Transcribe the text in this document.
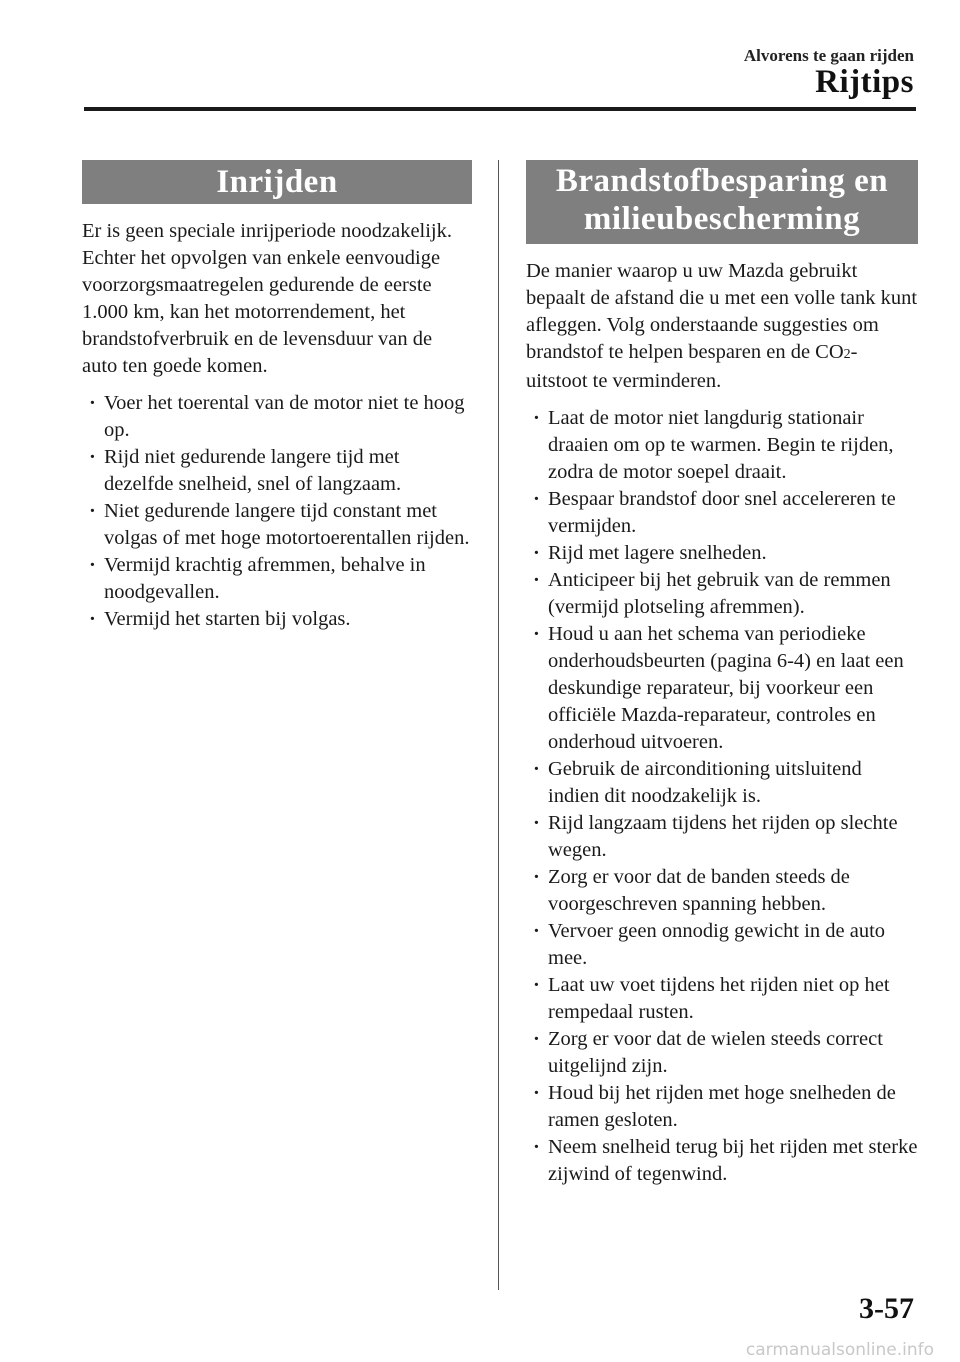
Alvorens te gaan rijden
Rijtips
Inrijden

Er is geen speciale inrijperiode noodzakelijk. Echter het opvolgen van enkele eenvoudige voorzorgsmaatregelen gedurende de eerste 1.000 km, kan het motorrendement, het brandstofverbruik en de levensduur van de auto ten goede komen.

· Voer het toerental van de motor niet te hoog op.
· Rijd niet gedurende langere tijd met dezelfde snelheid, snel of langzaam.
· Niet gedurende langere tijd constant met volgas of met hoge motortoerentallen rijden.
· Vermijd krachtig afremmen, behalve in noodgevallen.
· Vermijd het starten bij volgas.
Brandstofbesparing en
milieubescherming

De manier waarop u uw Mazda gebruikt bepaalt de afstand die u met een volle tank kunt afleggen. Volg onderstaande suggesties om brandstof te helpen besparen en de CO2-uitstoot te verminderen.

· Laat de motor niet langdurig stationair draaien om op te warmen. Begin te rijden, zodra de motor soepel draait.
· Bespaar brandstof door snel accelereren te vermijden.
· Rijd met lagere snelheden.
· Anticipeer bij het gebruik van de remmen (vermijd plotseling afremmen).
· Houd u aan het schema van periodieke onderhoudsbeurten (pagina 6-4) en laat een deskundige reparateur, bij voorkeur een officiële Mazda-reparateur, controles en onderhoud uitvoeren.
· Gebruik de airconditioning uitsluitend indien dit noodzakelijk is.
· Rijd langzaam tijdens het rijden op slechte wegen.
· Zorg er voor dat de banden steeds de voorgeschreven spanning hebben.
· Vervoer geen onnodig gewicht in de auto mee.
· Laat uw voet tijdens het rijden niet op het rempedaal rusten.
· Zorg er voor dat de wielen steeds correct uitgelijnd zijn.
· Houd bij het rijden met hoge snelheden de ramen gesloten.
· Neem snelheid terug bij het rijden met sterke zijwind of tegenwind.
3-57
carmanualsonline.info
